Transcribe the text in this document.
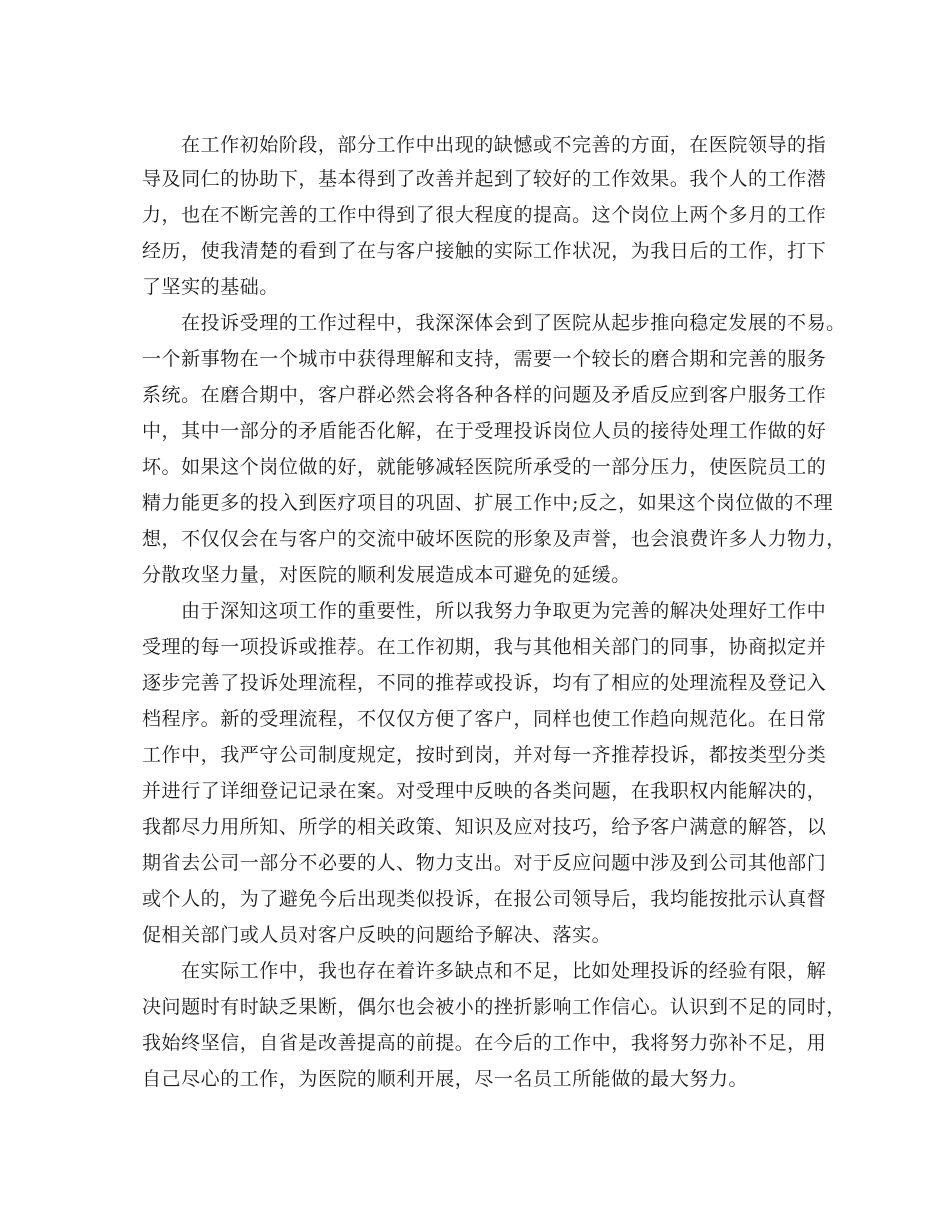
在工作初始阶段，部分工作中出现的缺憾或不完善的方面，在医院领导的指

导及同仁的协助下，基本得到了改善并起到了较好的工作效果。我个人的工作潜

力，也在不断完善的工作中得到了很大程度的提高。这个岗位上两个多月的工作

经历，使我清楚的看到了在与客户接触的实际工作状况，为我日后的工作，打下

了坚实的基础。

在投诉受理的工作过程中，我深深体会到了医院从起步推向稳定发展的不易。

一个新事物在一个城市中获得理解和支持，需要一个较长的磨合期和完善的服务

系统。在磨合期中，客户群必然会将各种各样的问题及矛盾反应到客户服务工作

中，其中一部分的矛盾能否化解，在于受理投诉岗位人员的接待处理工作做的好

坏。如果这个岗位做的好，就能够减轻医院所承受的一部分压力，使医院员工的

精力能更多的投入到医疗项目的巩固、扩展工作中;反之，如果这个岗位做的不理

想，不仅仅会在与客户的交流中破坏医院的形象及声誉，也会浪费许多人力物力，

分散攻坚力量，对医院的顺利发展造成本可避免的延缓。

由于深知这项工作的重要性，所以我努力争取更为完善的解决处理好工作中

受理的每一项投诉或推荐。在工作初期，我与其他相关部门的同事，协商拟定并

逐步完善了投诉处理流程，不同的推荐或投诉，均有了相应的处理流程及登记入

档程序。新的受理流程，不仅仅方便了客户，同样也使工作趋向规范化。在日常

工作中，我严守公司制度规定，按时到岗，并对每一齐推荐投诉，都按类型分类

并进行了详细登记记录在案。对受理中反映的各类问题，在我职权内能解决的，

我都尽力用所知、所学的相关政策、知识及应对技巧，给予客户满意的解答，以

期省去公司一部分不必要的人、物力支出。对于反应问题中涉及到公司其他部门

或个人的，为了避免今后出现类似投诉，在报公司领导后，我均能按批示认真督

促相关部门或人员对客户反映的问题给予解决、落实。

在实际工作中，我也存在着许多缺点和不足，比如处理投诉的经验有限，解

决问题时有时缺乏果断，偶尔也会被小的挫折影响工作信心。认识到不足的同时，

我始终坚信，自省是改善提高的前提。在今后的工作中，我将努力弥补不足，用

自己尽心的工作，为医院的顺利开展，尽一名员工所能做的最大努力。
